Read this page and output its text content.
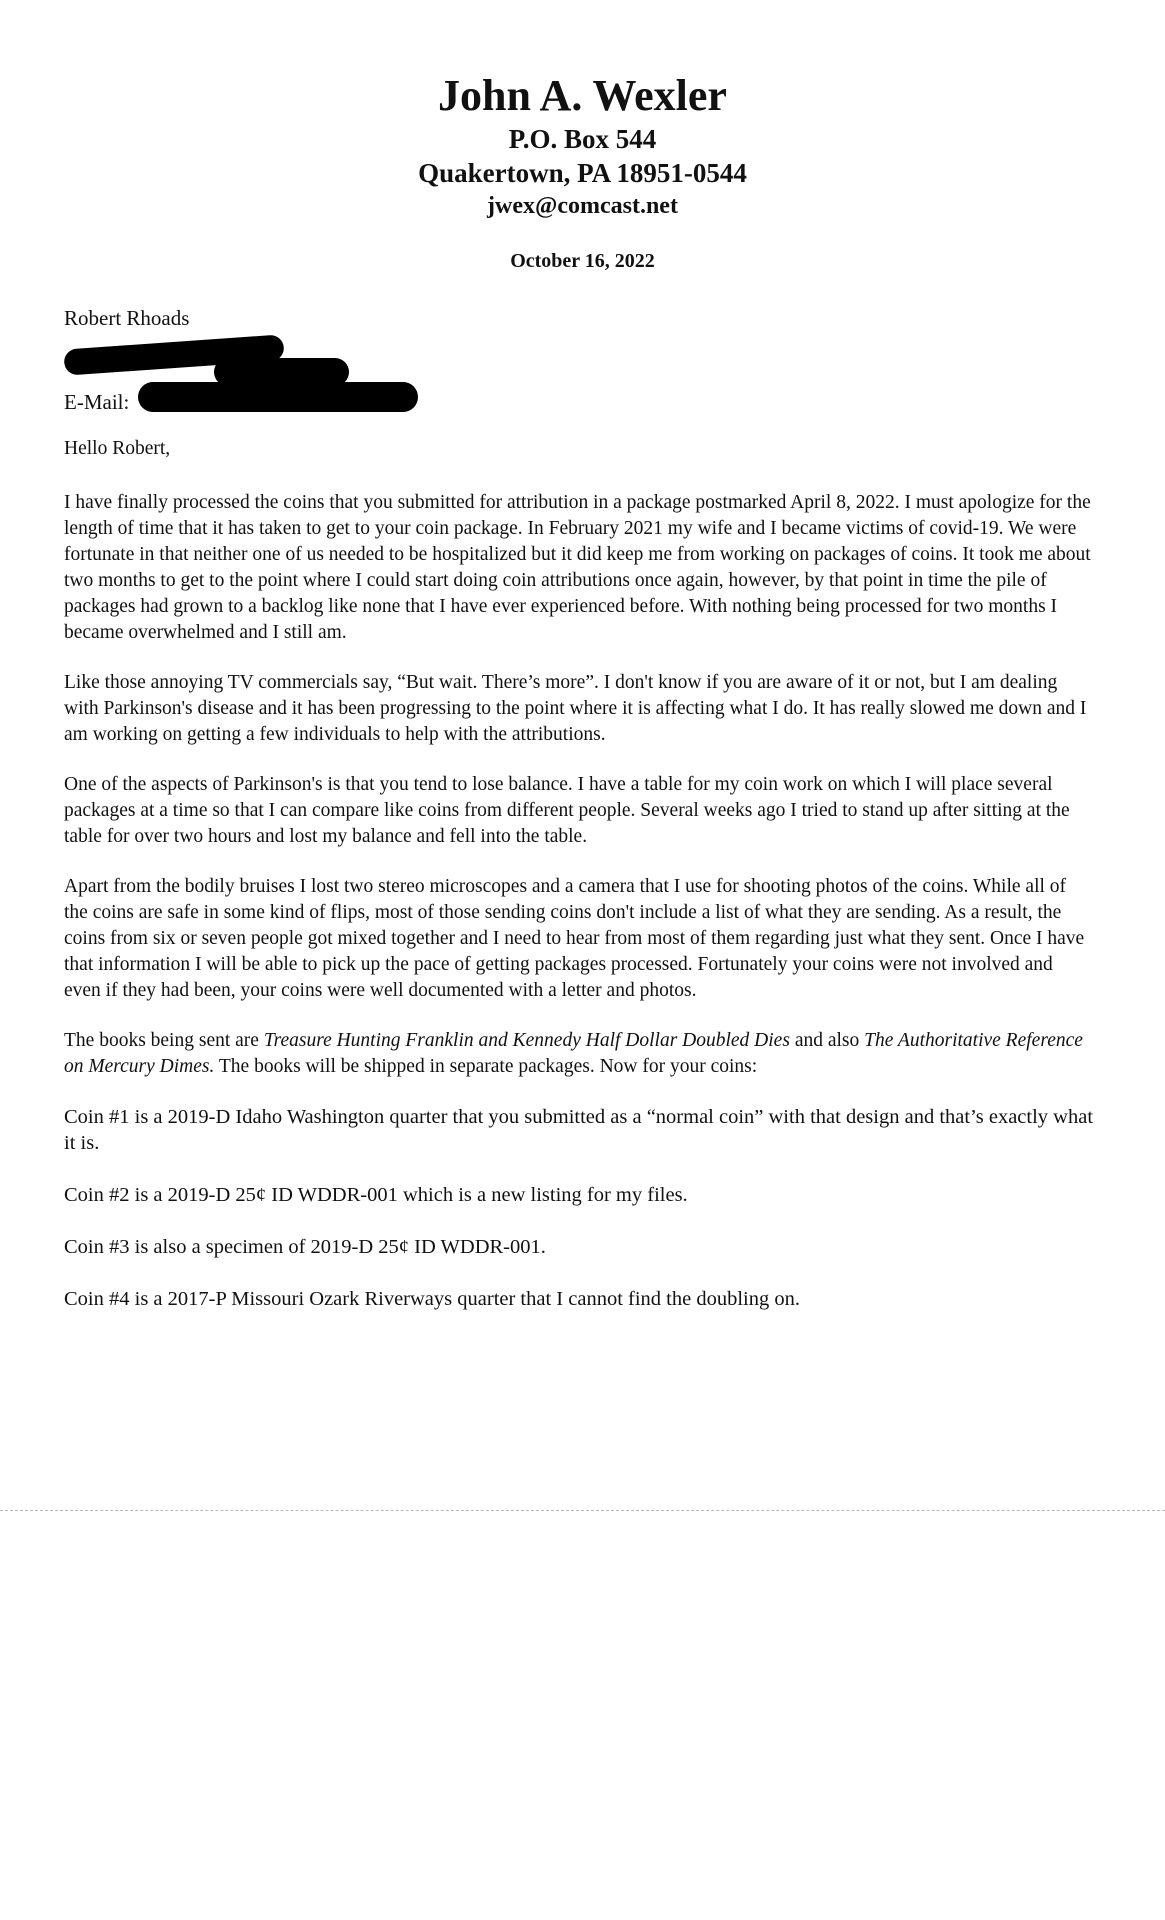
John A. Wexler

P.O. Box 544

Quakertown, PA 18951-0544

jwex@comcast.net

October 16, 2022
Robert Rhoads
E-Mail:

Hello Robert,

I have finally processed the coins that you submitted for attribution in a package postmarked April 8, 2022. I must apologize for the length of time that it has taken to get to your coin package. In February 2021 my wife and I became victims of covid-19. We were fortunate in that neither one of us needed to be hospitalized but it did keep me from working on packages of coins. It took me about two months to get to the point where I could start doing coin attributions once again, however, by that point in time the pile of packages had grown to a backlog like none that I have ever experienced before. With nothing being processed for two months I became overwhelmed and I still am.

Like those annoying TV commercials say, “But wait. There’s more”. I don't know if you are aware of it or not, but I am dealing with Parkinson's disease and it has been progressing to the point where it is affecting what I do. It has really slowed me down and I am working on getting a few individuals to help with the attributions.

One of the aspects of Parkinson's is that you tend to lose balance. I have a table for my coin work on which I will place several packages at a time so that I can compare like coins from different people. Several weeks ago I tried to stand up after sitting at the table for over two hours and lost my balance and fell into the table.

Apart from the bodily bruises I lost two stereo microscopes and a camera that I use for shooting photos of the coins. While all of the coins are safe in some kind of flips, most of those sending coins don't include a list of what they are sending. As a result, the coins from six or seven people got mixed together and I need to hear from most of them regarding just what they sent. Once I have that information I will be able to pick up the pace of getting packages processed. Fortunately your coins were not involved and even if they had been, your coins were well documented with a letter and photos.

The books being sent are Treasure Hunting Franklin and Kennedy Half Dollar Doubled Dies and also The Authoritative Reference on Mercury Dimes. The books will be shipped in separate packages. Now for your coins:

Coin #1 is a 2019-D Idaho Washington quarter that you submitted as a “normal coin” with that design and that’s exactly what it is.

Coin #2 is a 2019-D 25¢ ID WDDR-001 which is a new listing for my files.

Coin #3 is also a specimen of 2019-D 25¢ ID WDDR-001.

Coin #4 is a 2017-P Missouri Ozark Riverways quarter that I cannot find the doubling on.
